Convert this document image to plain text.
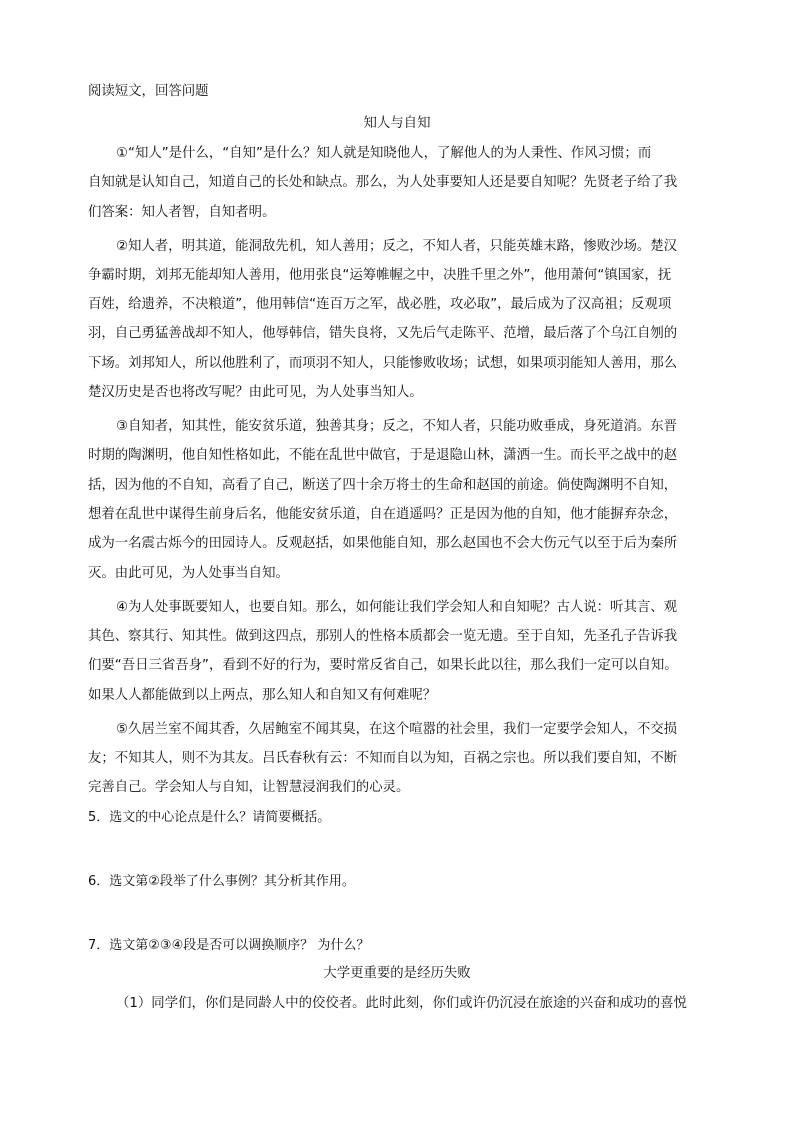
阅读短文，回答问题
知人与自知
①“知人”是什么，“自知”是什么？知人就是知晓他人，了解他人的为人秉性、作风习惯；而
自知就是认知自己，知道自己的长处和缺点。那么，为人处事要知人还是要自知呢？先贤老子给了我
们答案：知人者智，自知者明。
②知人者，明其道，能洞敌先机，知人善用；反之，不知人者，只能英雄末路，惨败沙场。楚汉
争霸时期，刘邦无能却知人善用，他用张良“运筹帷幄之中，决胜千里之外”，他用萧何“镇国家，抚
百姓，给遗养，不决粮道”，他用韩信“连百万之军，战必胜，攻必取”，最后成为了汉高祖；反观项
羽，自己勇猛善战却不知人，他辱韩信，错失良将，又先后气走陈平、范增，最后落了个乌江自刎的
下场。刘邦知人，所以他胜利了，而项羽不知人，只能惨败收场；试想，如果项羽能知人善用，那么
楚汉历史是否也将改写呢？由此可见，为人处事当知人。
③自知者，知其性，能安贫乐道，独善其身；反之，不知人者，只能功败垂成，身死道消。东晋
时期的陶渊明，他自知性格如此，不能在乱世中做官，于是退隐山林，潇洒一生。而长平之战中的赵
括，因为他的不自知，高看了自己，断送了四十余万将士的生命和赵国的前途。倘使陶渊明不自知，
想着在乱世中谋得生前身后名，他能安贫乐道，自在逍遥吗？正是因为他的自知，他才能摒弃杂念，
成为一名震古烁今的田园诗人。反观赵括，如果他能自知，那么赵国也不会大伤元气以至于后为秦所
灭。由此可见，为人处事当自知。
④为人处事既要知人，也要自知。那么，如何能让我们学会知人和自知呢？古人说：听其言、观
其色、察其行、知其性。做到这四点，那别人的性格本质都会一览无遗。至于自知，先圣孔子告诉我
们要“吾日三省吾身”，看到不好的行为，要时常反省自己，如果长此以往，那么我们一定可以自知。
如果人人都能做到以上两点，那么知人和自知又有何难呢？
⑤久居兰室不闻其香，久居鲍室不闻其臭，在这个喧嚣的社会里，我们一定要学会知人，不交损
友；不知其人，则不为其友。吕氏春秋有云：不知而自以为知，百祸之宗也。所以我们要自知，不断
完善自己。学会知人与自知，让智慧浸润我们的心灵。
5．选文的中心论点是什么？请简要概括。
6．选文第②段举了什么事例？其分析其作用。
7．选文第②③④段是否可以调换顺序？ 为什么？
大学更重要的是经历失败
（1）同学们，你们是同龄人中的佼佼者。此时此刻，你们或许仍沉浸在旅途的兴奋和成功的喜悦
